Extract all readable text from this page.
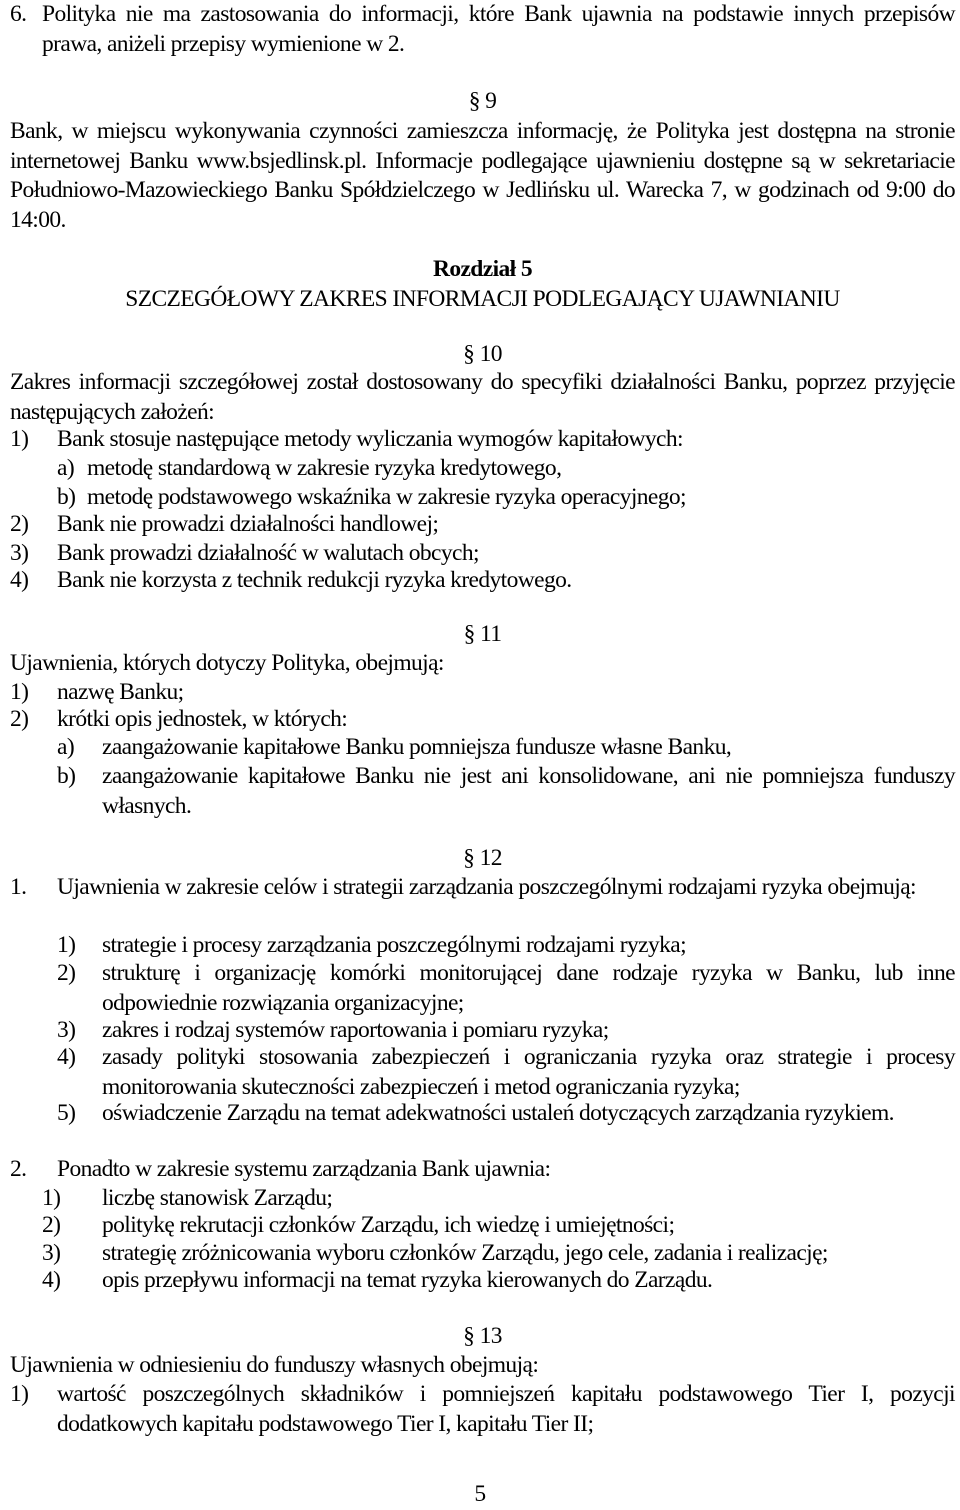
6. Polityka nie ma zastosowania do informacji, które Bank ujawnia na podstawie innych przepisów prawa, aniżeli przepisy wymienione w 2.

§ 9

Bank, w miejscu wykonywania czynności zamieszcza informację, że Polityka jest dostępna na stronie internetowej Banku www.bsjedlinsk.pl. Informacje podlegające ujawnieniu dostępne są w sekretariacie Południowo-Mazowieckiego Banku Spółdzielczego w Jedlińsku ul. Warecka 7, w godzinach od 9:00 do 14:00.

Rozdział 5

SZCZEGÓŁOWY ZAKRES INFORMACJI PODLEGAJĄCY UJAWNIANIU

§ 10

Zakres informacji szczegółowej został dostosowany do specyfiki działalności Banku, poprzez przyjęcie następujących założeń:

1) Bank stosuje następujące metody wyliczania wymogów kapitałowych:
a) metodę standardową w zakresie ryzyka kredytowego,
b) metodę podstawowego wskaźnika w zakresie ryzyka operacyjnego;
2) Bank nie prowadzi działalności handlowej;
3) Bank prowadzi działalność w walutach obcych;
4) Bank nie korzysta z technik redukcji ryzyka kredytowego.

§ 11

Ujawnienia, których dotyczy Polityka, obejmują:

1) nazwę Banku;
2) krótki opis jednostek, w których:
a) zaangażowanie kapitałowe Banku pomniejsza fundusze własne Banku,
b) zaangażowanie kapitałowe Banku nie jest ani konsolidowane, ani nie pomniejsza funduszy własnych.

§ 12

1. Ujawnienia w zakresie celów i strategii zarządzania poszczególnymi rodzajami ryzyka obejmują:

1) strategie i procesy zarządzania poszczególnymi rodzajami ryzyka;
2) strukturę i organizację komórki monitorującej dane rodzaje ryzyka w Banku, lub inne odpowiednie rozwiązania organizacyjne;

3) zakres i rodzaj systemów raportowania i pomiaru ryzyka;
4) zasady polityki stosowania zabezpieczeń i ograniczania ryzyka oraz strategie i procesy monitorowania skuteczności zabezpieczeń i metod ograniczania ryzyka;

5) oświadczenie Zarządu na temat adekwatności ustaleń dotyczących zarządzania ryzykiem.

2. Ponadto w zakresie systemu zarządzania Bank ujawnia:
1) liczbę stanowisk Zarządu;
2) politykę rekrutacji członków Zarządu, ich wiedzę i umiejętności;
3) strategię zróżnicowania wyboru członków Zarządu, jego cele, zadania i realizację;
4) opis przepływu informacji na temat ryzyka kierowanych do Zarządu.

§ 13

Ujawnienia w odniesieniu do funduszy własnych obejmują:

1) wartość poszczególnych składników i pomniejszeń kapitału podstawowego Tier I, pozycji dodatkowych kapitału podstawowego Tier I, kapitału Tier II;

5
